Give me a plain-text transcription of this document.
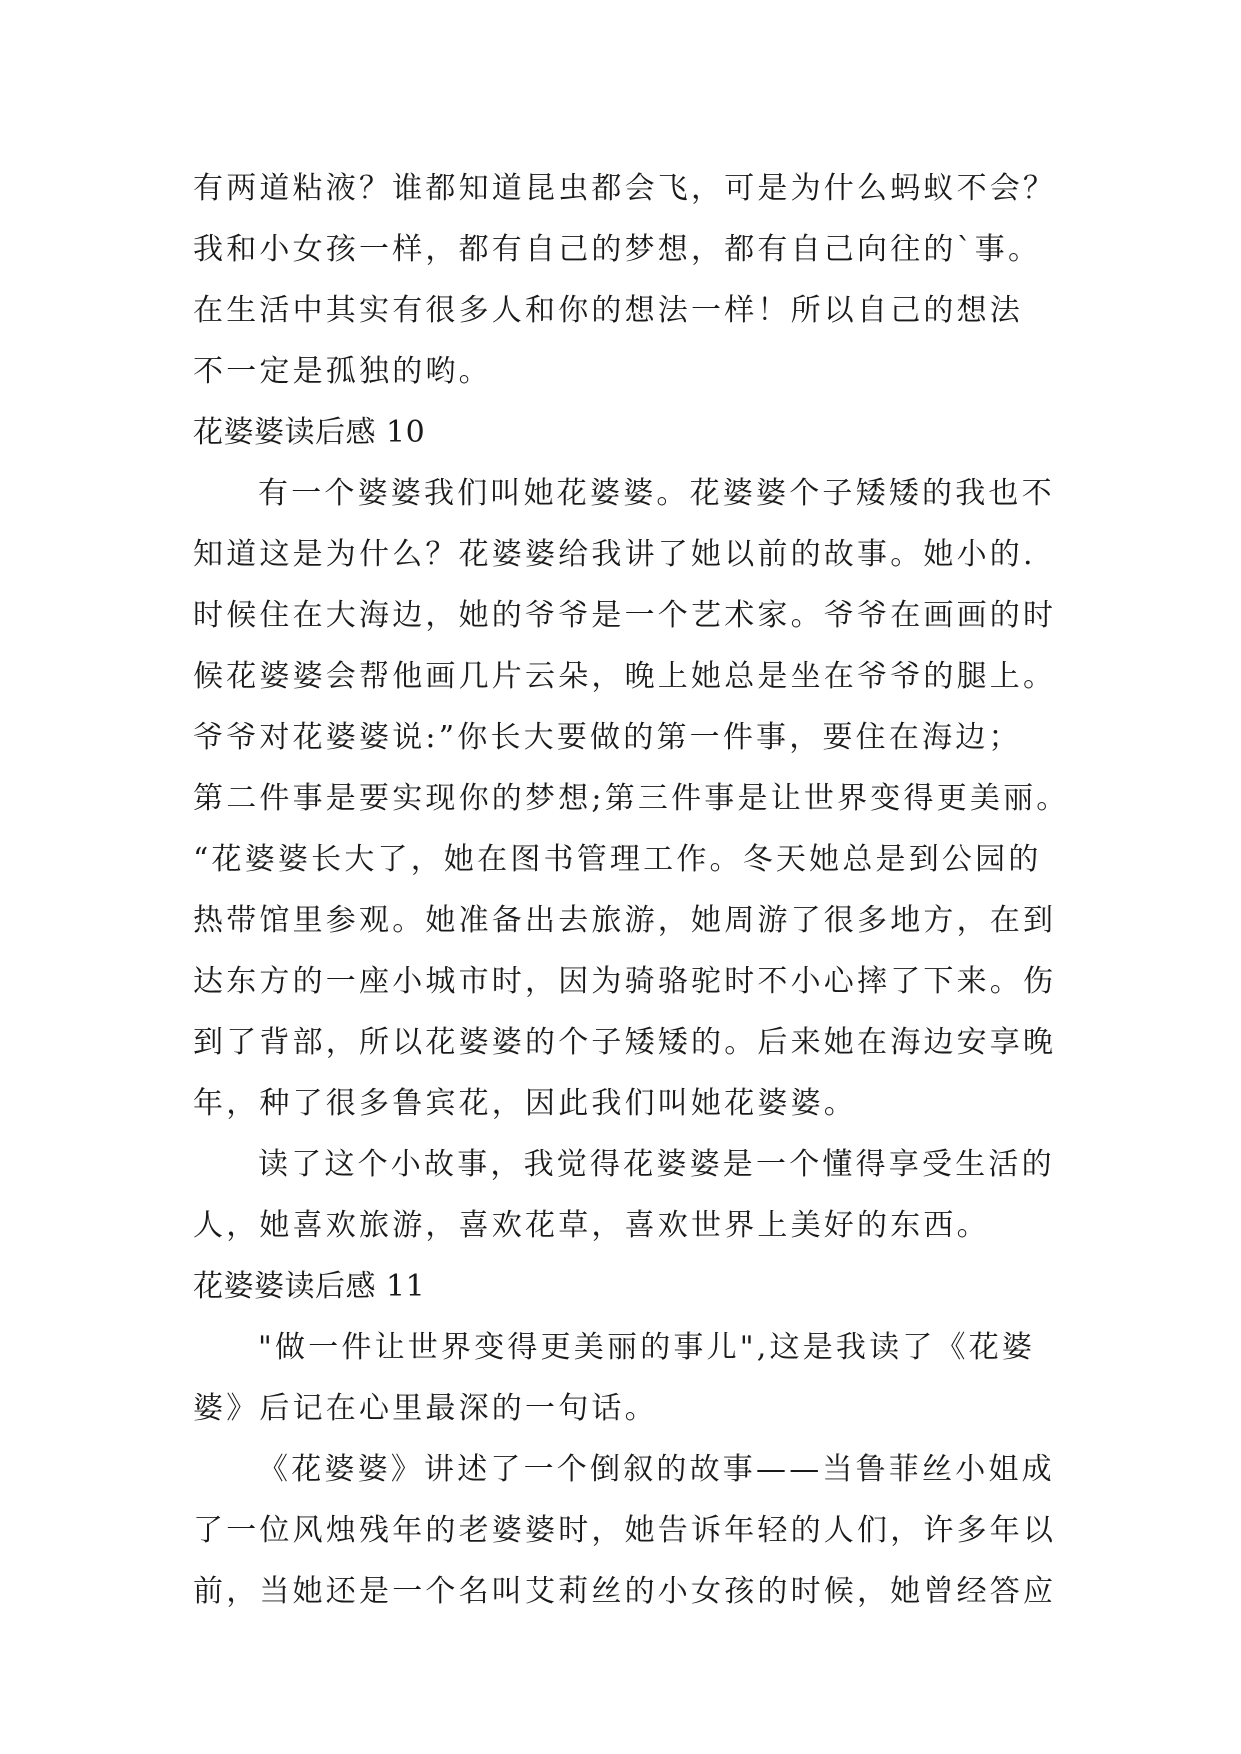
有两道粘液？谁都知道昆虫都会飞，可是为什么蚂蚁不会？
我和小女孩一样，都有自己的梦想，都有自己向往的`事。
在生活中其实有很多人和你的想法一样！所以自己的想法
不一定是孤独的哟。
花婆婆读后感 10
有一个婆婆我们叫她花婆婆。花婆婆个子矮矮的我也不
知道这是为什么？花婆婆给我讲了她以前的故事。她小的.
时候住在大海边，她的爷爷是一个艺术家。爷爷在画画的时
候花婆婆会帮他画几片云朵，晚上她总是坐在爷爷的腿上。
爷爷对花婆婆说:”你长大要做的第一件事，要住在海边；
第二件事是要实现你的梦想;第三件事是让世界变得更美丽。
“花婆婆长大了，她在图书管理工作。冬天她总是到公园的
热带馆里参观。她准备出去旅游，她周游了很多地方，在到
达东方的一座小城市时，因为骑骆驼时不小心摔了下来。伤
到了背部，所以花婆婆的个子矮矮的。后来她在海边安享晚
年，种了很多鲁宾花，因此我们叫她花婆婆。
读了这个小故事，我觉得花婆婆是一个懂得享受生活的
人，她喜欢旅游，喜欢花草，喜欢世界上美好的东西。
花婆婆读后感 11
"做一件让世界变得更美丽的事儿",这是我读了《花婆
婆》后记在心里最深的一句话。
《花婆婆》讲述了一个倒叙的故事——当鲁菲丝小姐成
了一位风烛残年的老婆婆时，她告诉年轻的人们，许多年以
前，当她还是一个名叫艾莉丝的小女孩的时候，她曾经答应
